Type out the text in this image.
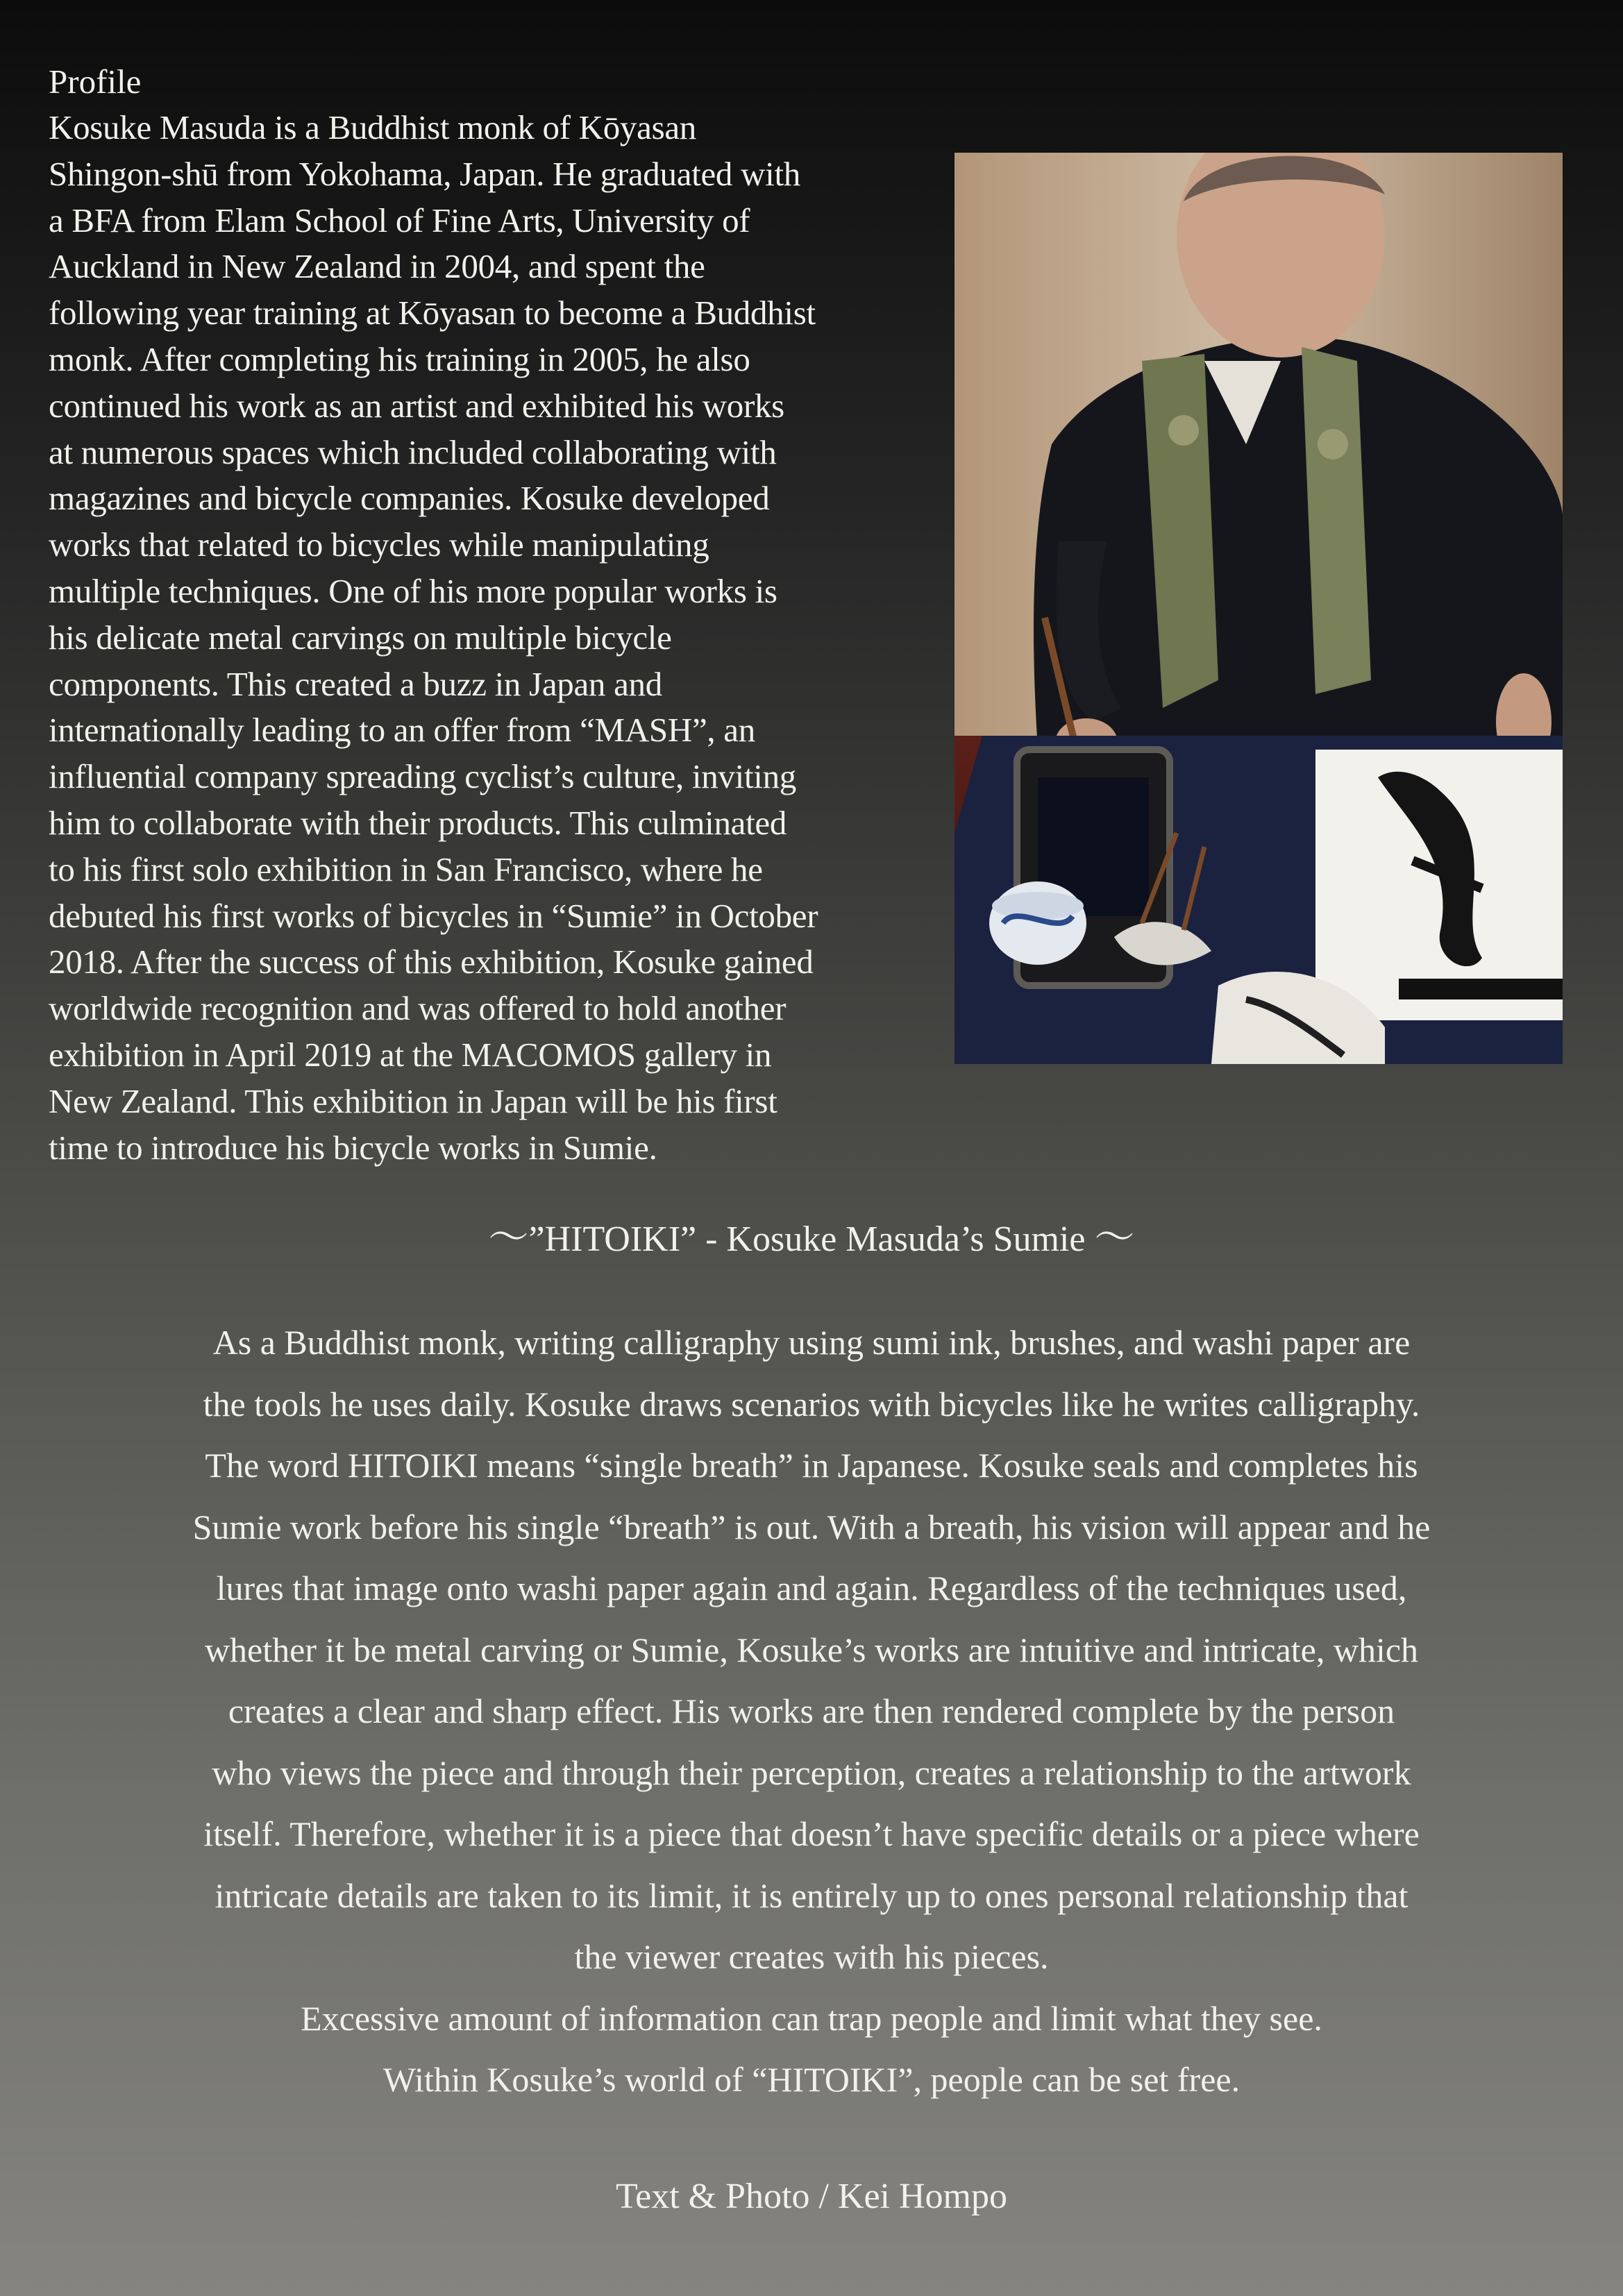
Profile
Kosuke Masuda is a Buddhist monk of Kōyasan
Shingon-shū from Yokohama, Japan. He graduated with
a BFA from Elam School of Fine Arts, University of
Auckland in New Zealand in 2004, and spent the
following year training at Kōyasan to become a Buddhist
monk. After completing his training in 2005, he also
continued his work as an artist and exhibited his works
at numerous spaces which included collaborating with
magazines and bicycle companies. Kosuke developed
works that related to bicycles while manipulating
multiple techniques. One of his more popular works is
his delicate metal carvings on multiple bicycle
components. This created a buzz in Japan and
internationally leading to an offer from “MASH”, an
influential company spreading cyclist’s culture, inviting
him to collaborate with their products. This culminated
to his first solo exhibition in San Francisco, where he
debuted his first works of bicycles in “Sumie” in October
2018. After the success of this exhibition, Kosuke gained
worldwide recognition and was offered to hold another
exhibition in April 2019 at the MACOMOS gallery in
New Zealand. This exhibition in Japan will be his first
time to introduce his bicycle works in Sumie.
〜”HITOIKI” - Kosuke Masuda’s Sumie 〜

As a Buddhist monk, writing calligraphy using sumi ink, brushes, and washi paper are

the tools he uses daily. Kosuke draws scenarios with bicycles like he writes calligraphy.

The word HITOIKI means “single breath” in Japanese. Kosuke seals and completes his

Sumie work before his single “breath” is out. With a breath, his vision will appear and he

lures that image onto washi paper again and again. Regardless of the techniques used,

whether it be metal carving or Sumie, Kosuke’s works are intuitive and intricate, which

creates a clear and sharp effect. His works are then rendered complete by the person

who views the piece and through their perception, creates a relationship to the artwork

itself. Therefore, whether it is a piece that doesn’t have specific details or a piece where

intricate details are taken to its limit, it is entirely up to ones personal relationship that

the viewer creates with his pieces.

Excessive amount of information can trap people and limit what they see.

Within Kosuke’s world of “HITOIKI”, people can be set free.

Text & Photo / Kei Hompo
